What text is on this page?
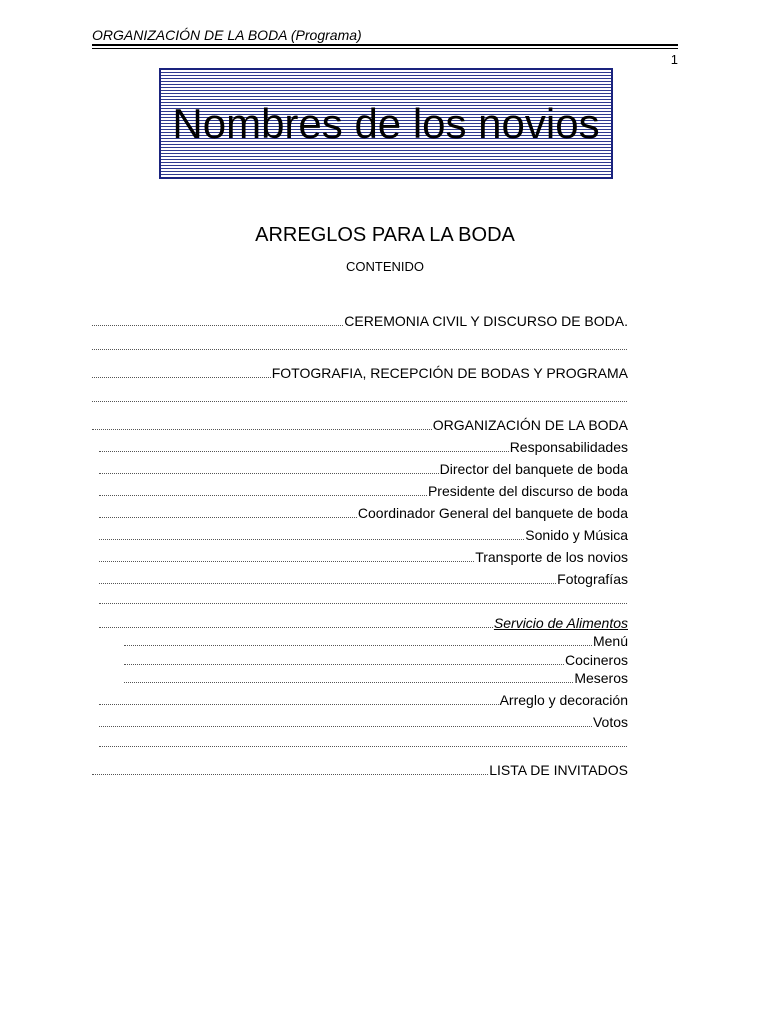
ORGANIZACIÓN DE LA BODA (Programa)
1
Nombres de los novios
ARREGLOS PARA LA BODA
CONTENIDO
CEREMONIA CIVIL Y DISCURSO DE BODA.
FOTOGRAFIA, RECEPCIÓN DE BODAS Y PROGRAMA
ORGANIZACIÓN DE LA BODA
Responsabilidades
Director del banquete de boda
Presidente del discurso de boda
Coordinador General del banquete de boda
Sonido y Música
Transporte de los novios
Fotografías
Servicio de Alimentos
Menú
Cocineros
Meseros
Arreglo y decoración
Votos
LISTA DE INVITADOS
